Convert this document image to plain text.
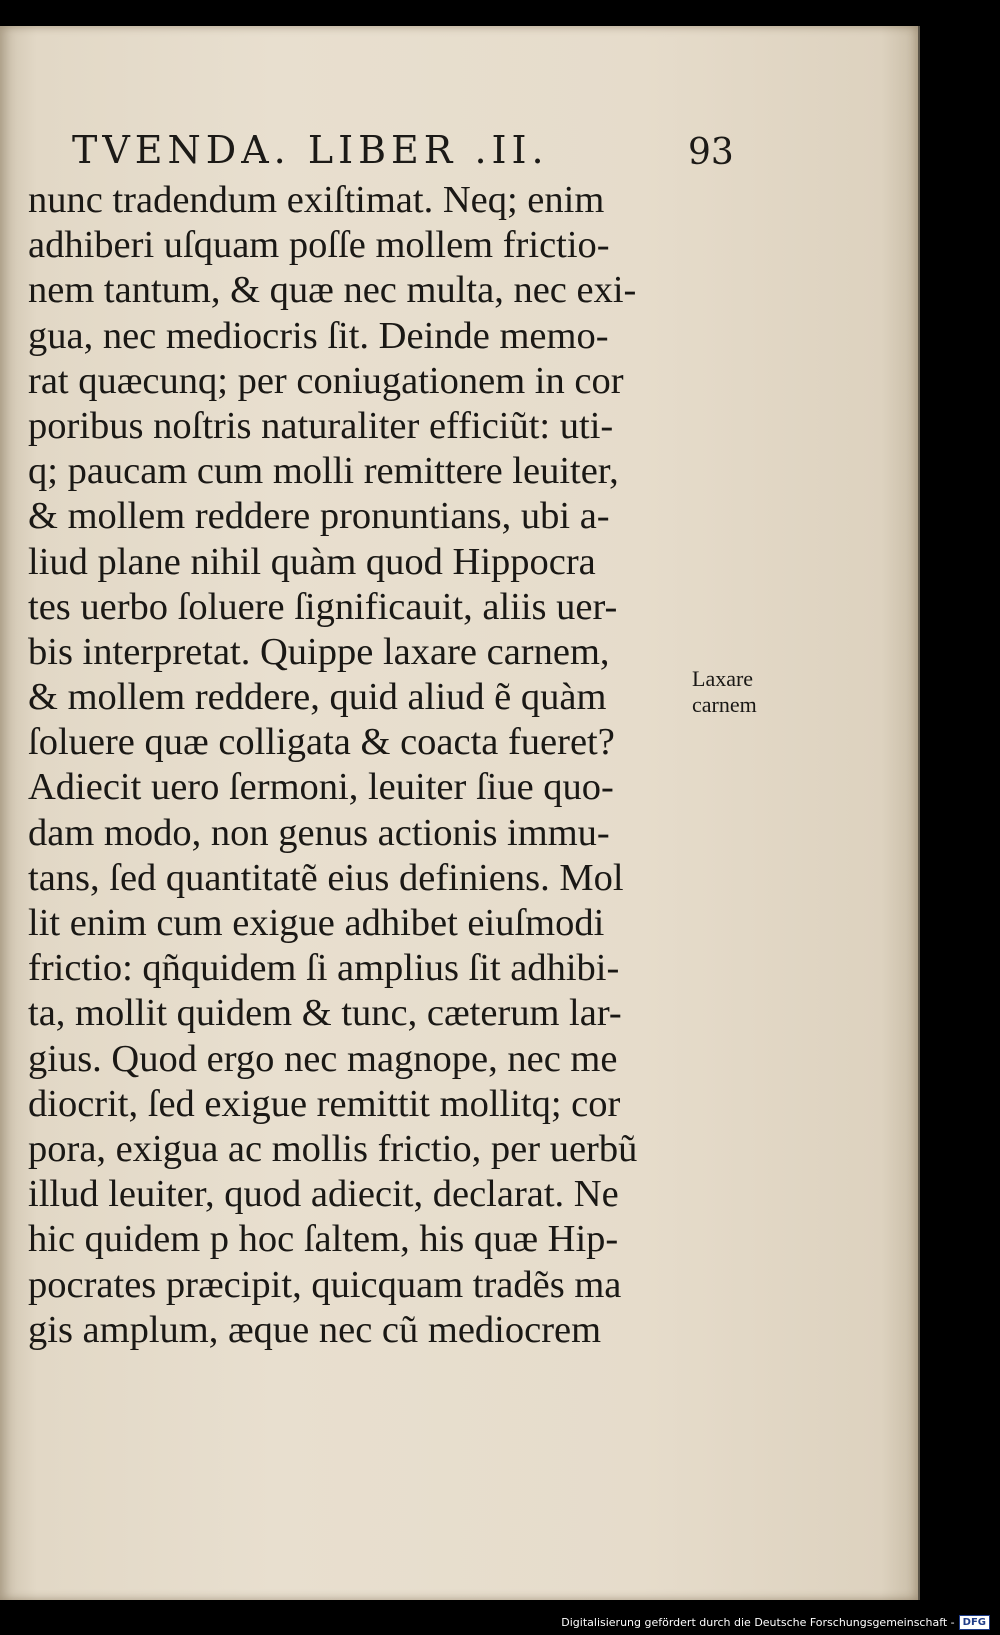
TVENDA. LIBER .II.	93
nunc tradendum exiſtimat. Neq; enim
adhiberi uſquam poſſe mollem frictio-
nem tantum, & quæ nec multa, nec exi-
gua, nec mediocris ſit. Deinde memo-
rat quæcunq; per coniugationem in cor
poribus noſtris naturaliter efficiũt: uti-
q; paucam cum molli remittere leuiter,
& mollem reddere pronuntians, ubi a-
liud plane nihil quàm quod Hippocra
tes uerbo ſoluere ſignificauit, aliis uer-
bis interpretat. Quippe laxare carnem,
& mollem reddere, quid aliud ẽ quàm
ſoluere quæ colligata & coacta fueret?
Adiecit uero ſermoni, leuiter ſiue quo-
dam modo, non genus actionis immu-
tans, ſed quantitatẽ eius definiens. Mol
lit enim cum exigue adhibet eiuſmodi
frictio: qñquidem ſi amplius ſit adhibi-
ta, mollit quidem & tunc, cæterum lar-
gius. Quod ergo nec magnope, nec me
diocrit, ſed exigue remittit mollitq; cor
pora, exigua ac mollis frictio, per uerbũ
illud leuiter, quod adiecit, declarat. Ne
hic quidem p hoc ſaltem, his quæ Hip-
pocrates præcipit, quicquam tradẽs ma
gis amplum, æque nec cũ mediocrem
Laxare
carnem
Digitalisierung gefördert durch die Deutsche Forschungsgemeinschaft - DFG
